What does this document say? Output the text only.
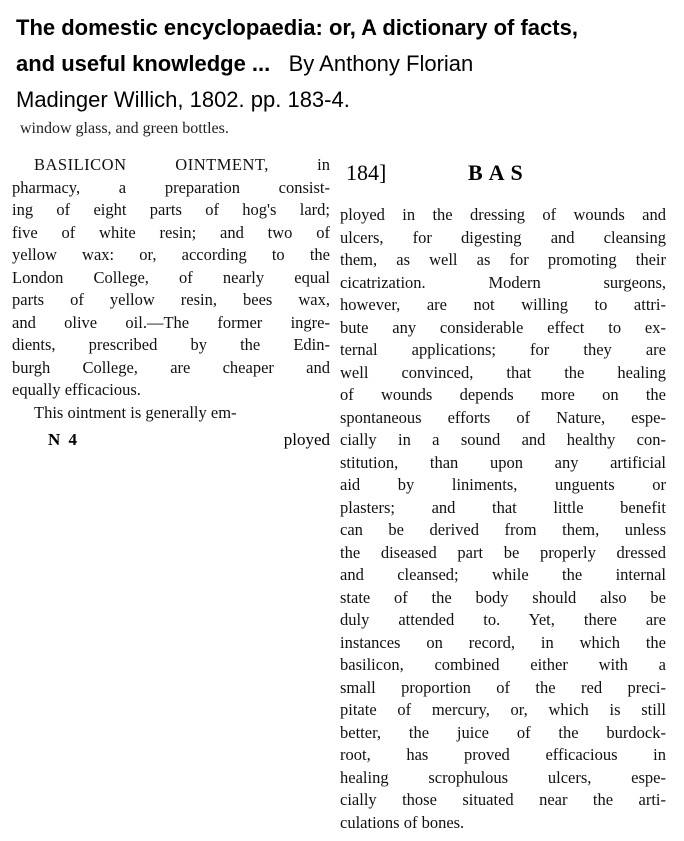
The domestic encyclopaedia: or, A dictionary of facts,
and useful knowledge ... By Anthony Florian
Madinger Willich, 1802. pp. 183-4.
window glass, and green bottles.
BASILICON OINTMENT,	in
pharmacy, a preparation consist-
ing of eight parts of hog's lard;
five of white resin; and two of
yellow wax: or, according to the
London College, of nearly equal
parts of yellow resin, bees wax,
and olive oil.—The former ingre-
dients, prescribed by the Edin-
burgh College, are cheaper and
equally efficacious.
This ointment is generally em-
N 4	ployed
184]	BAS
ployed in the dressing of wounds and
ulcers, for digesting and cleansing
them, as well as for promoting their
cicatrization. Modern surgeons,
however, are not willing to attri-
bute any considerable effect to ex-
ternal applications; for they are
well convinced, that the healing
of wounds depends more on the
spontaneous efforts of Nature, espe-
cially in a sound and healthy con-
stitution, than upon any artificial
aid by liniments, unguents or
plasters; and that little benefit
can be derived from them, unless
the diseased part be properly dressed
and cleansed; while the internal
state of the body should also be
duly attended to. Yet, there are
instances on record, in which the
basilicon, combined either with a
small proportion of the red preci-
pitate of mercury, or, which is still
better, the juice of the burdock-
root, has proved efficacious in
healing scrophulous ulcers, espe-
cially those situated near the arti-
culations of bones.
